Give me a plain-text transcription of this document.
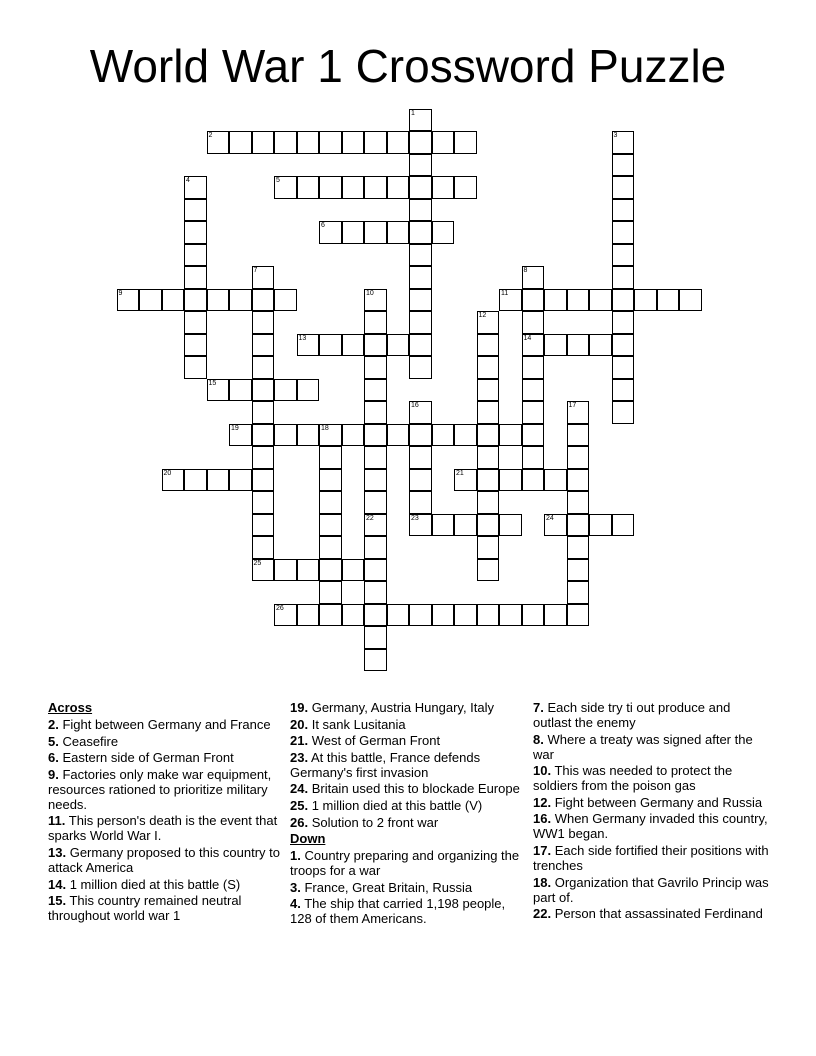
World War 1 Crossword Puzzle
2
5
6
9	11
13	14
15
19	18
20	21
23	24
25
26
1
3
4
7	8
10
12
16	17
22
Across
2. Fight between Germany and France
5. Ceasefire
6. Eastern side of German Front
9. Factories only make war equipment, resources rationed to prioritize military needs.
11. This person's death is the event that sparks World War I.
13. Germany proposed to this country to attack America
14. 1 million died at this battle (S)
15. This country remained neutral throughout world war 1
19. Germany, Austria Hungary, Italy
20. It sank Lusitania
21. West of German Front
23. At this battle, France defends Germany's first invasion
24. Britain used this to blockade Europe
25. 1 million died at this battle (V)
26. Solution to 2 front war
Down
1. Country preparing and organizing the troops for a war
3. France, Great Britain, Russia
4. The ship that carried 1,198 people, 128 of them Americans.
7. Each side try ti out produce and outlast the enemy
8. Where a treaty was signed after the war
10. This was needed to protect the soldiers from the poison gas
12. Fight between Germany and Russia
16. When Germany invaded this country, WW1 began.
17. Each side fortified their positions with trenches
18. Organization that Gavrilo Princip was part of.
22. Person that assassinated Ferdinand
